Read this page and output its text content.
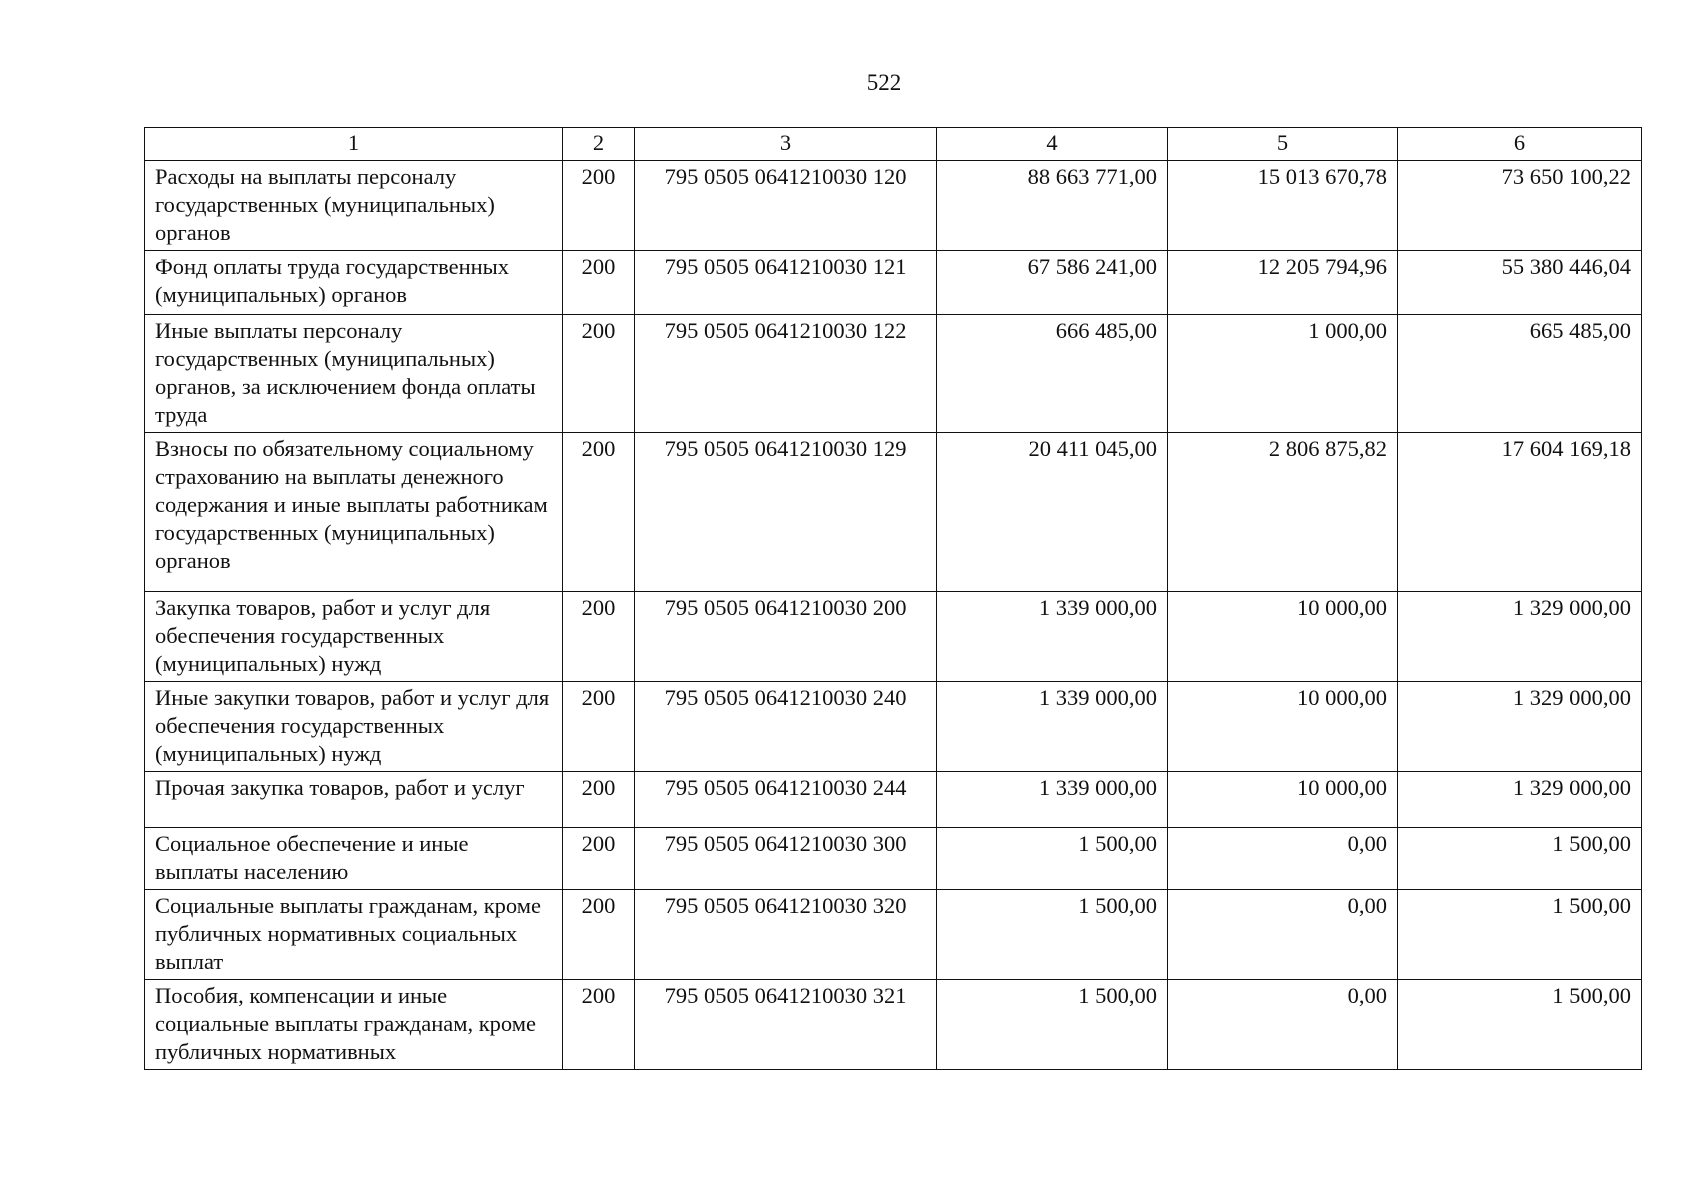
522
1	2	3	4	5	6
Расходы на выплаты персоналу государственных (муниципальных) органов	200	795 0505 0641210030 120	88 663 771,00	15 013 670,78	73 650 100,22
Фонд оплаты труда государственных (муниципальных) органов	200	795 0505 0641210030 121	67 586 241,00	12 205 794,96	55 380 446,04
Иные выплаты персоналу государственных (муниципальных) органов, за исключением фонда оплаты труда	200	795 0505 0641210030 122	666 485,00	1 000,00	665 485,00
Взносы по обязательному социальному страхованию на выплаты денежного содержания и иные выплаты работникам государственных (муниципальных) органов	200	795 0505 0641210030 129	20 411 045,00	2 806 875,82	17 604 169,18
Закупка товаров, работ и услуг для обеспечения государственных (муниципальных) нужд	200	795 0505 0641210030 200	1 339 000,00	10 000,00	1 329 000,00
Иные закупки товаров, работ и услуг для обеспечения государственных (муниципальных) нужд	200	795 0505 0641210030 240	1 339 000,00	10 000,00	1 329 000,00
Прочая закупка товаров, работ и услуг	200	795 0505 0641210030 244	1 339 000,00	10 000,00	1 329 000,00
Социальное обеспечение и иные выплаты населению	200	795 0505 0641210030 300	1 500,00	0,00	1 500,00
Социальные выплаты гражданам, кроме публичных нормативных социальных выплат	200	795 0505 0641210030 320	1 500,00	0,00	1 500,00
Пособия, компенсации и иные социальные выплаты гражданам, кроме публичных нормативных	200	795 0505 0641210030 321	1 500,00	0,00	1 500,00
